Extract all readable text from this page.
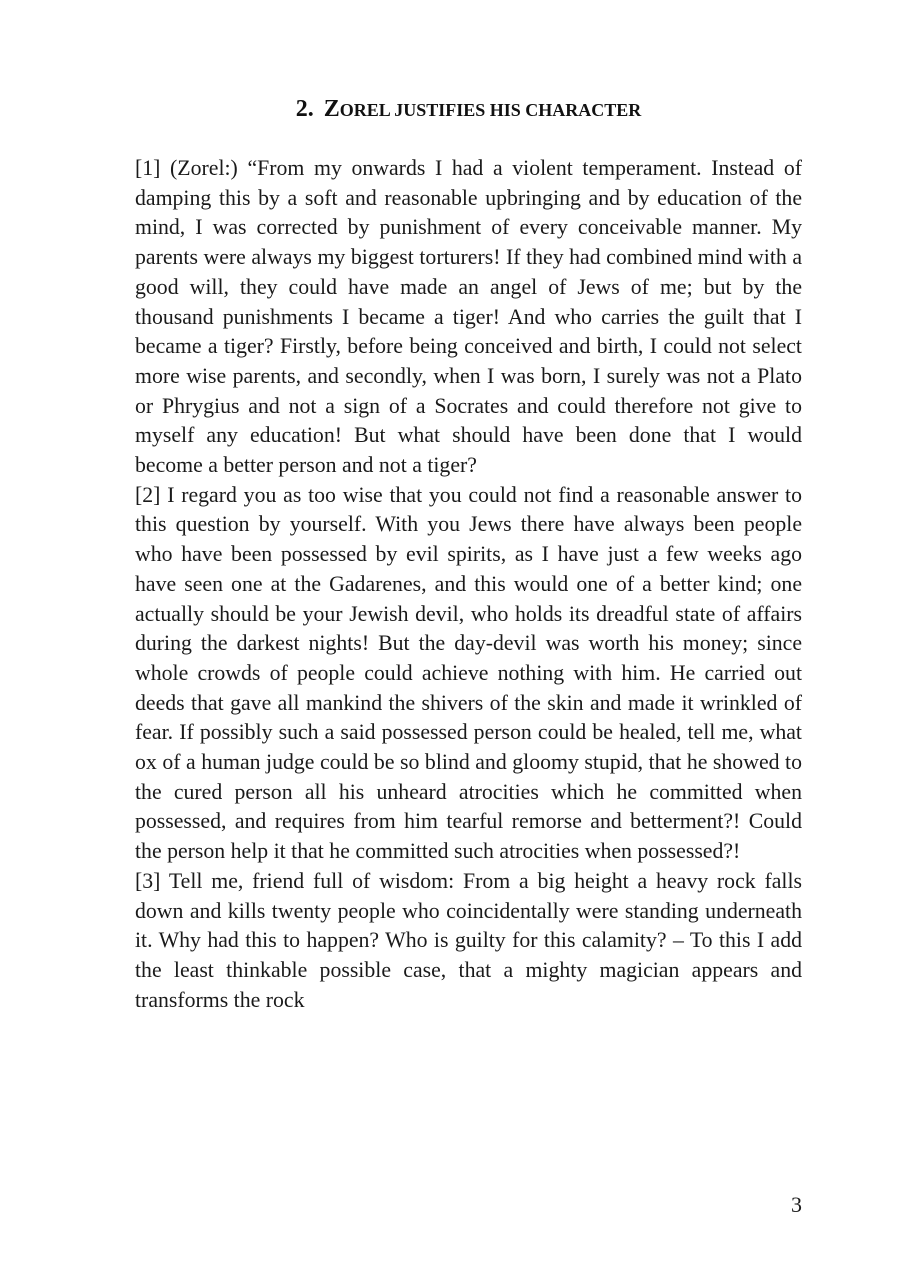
2. ZOREL JUSTIFIES HIS CHARACTER

[1] (Zorel:) “From my onwards I had a violent temperament. Instead of damping this by a soft and reasonable upbringing and by education of the mind, I was corrected by punishment of every conceivable manner. My parents were always my biggest torturers! If they had combined mind with a good will, they could have made an angel of Jews of me; but by the thousand punishments I became a tiger! And who carries the guilt that I became a tiger? Firstly, before being conceived and birth, I could not select more wise parents, and secondly, when I was born, I surely was not a Plato or Phrygius and not a sign of a Socrates and could therefore not give to myself any education! But what should have been done that I would become a better person and not a tiger?

[2] I regard you as too wise that you could not find a reasonable answer to this question by yourself. With you Jews there have always been people who have been possessed by evil spirits, as I have just a few weeks ago have seen one at the Gadarenes, and this would one of a better kind; one actually should be your Jewish devil, who holds its dreadful state of affairs during the darkest nights! But the day-devil was worth his money; since whole crowds of people could achieve nothing with him. He carried out deeds that gave all mankind the shivers of the skin and made it wrinkled of fear. If possibly such a said possessed person could be healed, tell me, what ox of a human judge could be so blind and gloomy stupid, that he showed to the cured person all his unheard atrocities which he committed when possessed, and requires from him tearful remorse and betterment?! Could the person help it that he committed such atrocities when possessed?!

[3] Tell me, friend full of wisdom: From a big height a heavy rock falls down and kills twenty people who coincidentally were standing underneath it. Why had this to happen? Who is guilty for this calamity? – To this I add the least thinkable possible case, that a mighty magician appears and transforms the rock

3
